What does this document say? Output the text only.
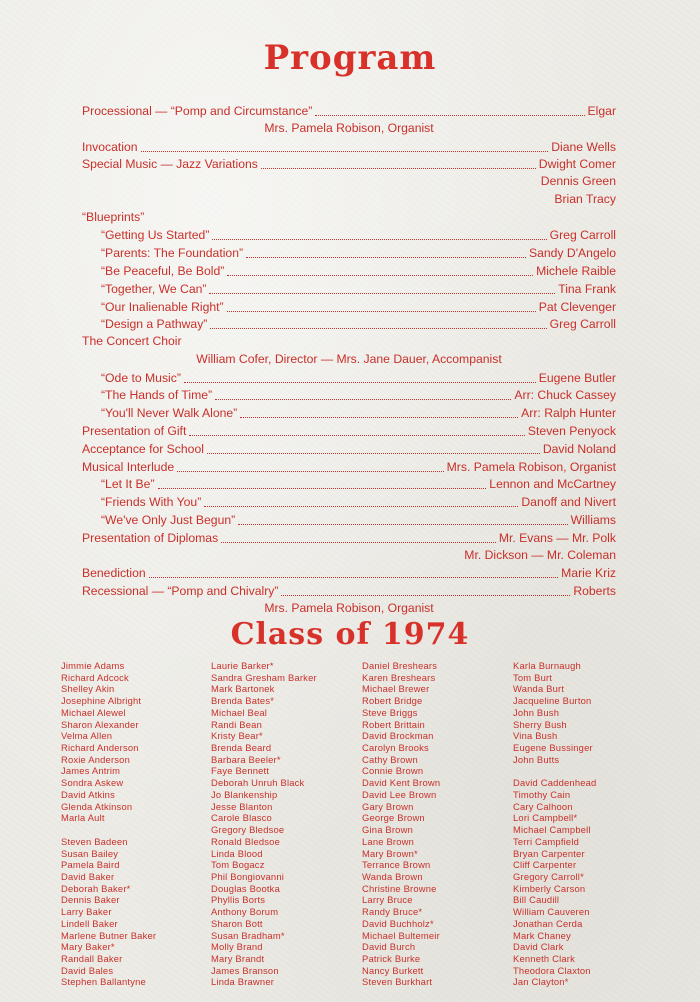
Program
Processional — “Pomp and Circumstance”	Elgar
Mrs. Pamela Robison, Organist
Invocation	Diane Wells
Special Music — Jazz Variations	Dwight Comer
Dennis Green
Brian Tracy
“Blueprints”
“Getting Us Started”	Greg Carroll
“Parents: The Foundation”	Sandy D'Angelo
“Be Peaceful, Be Bold”	Michele Raible
“Together, We Can”	Tina Frank
“Our Inalienable Right”	Pat Clevenger
“Design a Pathway”	Greg Carroll
The Concert Choir
William Cofer, Director — Mrs. Jane Dauer, Accompanist
“Ode to Music”	Eugene Butler
“The Hands of Time”	Arr: Chuck Cassey
“You'll Never Walk Alone”	Arr: Ralph Hunter
Presentation of Gift	Steven Penyock
Acceptance for School	David Noland
Musical Interlude	Mrs. Pamela Robison, Organist
“Let It Be”	Lennon and McCartney
“Friends With You”	Danoff and Nivert
“We've Only Just Begun”	Williams
Presentation of Diplomas	Mr. Evans — Mr. Polk
Mr. Dickson — Mr. Coleman
Benediction	Marie Kriz
Recessional — “Pomp and Chivalry”	Roberts
Mrs. Pamela Robison, Organist
Class of 1974
Jimmie Adams
Richard Adcock
Shelley Akin
Josephine Albright
Michael Alewel
Sharon Alexander
Velma Allen
Richard Anderson
Roxie Anderson
James Antrim
Sondra Askew
David Atkins
Glenda Atkinson
Marla Ault
Steven Badeen
Susan Bailey
Pamela Baird
David Baker
Deborah Baker*
Dennis Baker
Larry Baker
Lindell Baker
Marlene Butner Baker
Mary Baker*
Randall Baker
David Bales
Stephen Ballantyne
Laurie Barker*
Sandra Gresham Barker
Mark Bartonek
Brenda Bates*
Michael Beal
Randi Bean
Kristy Bear*
Brenda Beard
Barbara Beeler*
Faye Bennett
Deborah Unruh Black
Jo Blankenship
Jesse Blanton
Carole Blasco
Gregory Bledsoe
Ronald Bledsoe
Linda Blood
Tom Bogacz
Phil Bongiovanni
Douglas Bootka
Phyllis Borts
Anthony Borum
Sharon Bott
Susan Bradham*
Molly Brand
Mary Brandt
James Branson
Linda Brawner
Daniel Breshears
Karen Breshears
Michael Brewer
Robert Bridge
Steve Briggs
Robert Brittain
David Brockman
Carolyn Brooks
Cathy Brown
Connie Brown
David Kent Brown
David Lee Brown
Gary Brown
George Brown
Gina Brown
Lane Brown
Mary Brown*
Terrance Brown
Wanda Brown
Christine Browne
Larry Bruce
Randy Bruce*
David Buchholz*
Michael Bultemeir
David Burch
Patrick Burke
Nancy Burkett
Steven Burkhart
Karla Burnaugh
Tom Burt
Wanda Burt
Jacqueline Burton
John Bush
Sherry Bush
Vina Bush
Eugene Bussinger
John Butts
David Caddenhead
Timothy Cain
Cary Calhoon
Lori Campbell*
Michael Campbell
Terri Campfield
Bryan Carpenter
Cliff Carpenter
Gregory Carroll*
Kimberly Carson
Bill Caudill
William Cauveren
Jonathan Cerda
Mark Chaney
David Clark
Kenneth Clark
Theodora Claxton
Jan Clayton*
